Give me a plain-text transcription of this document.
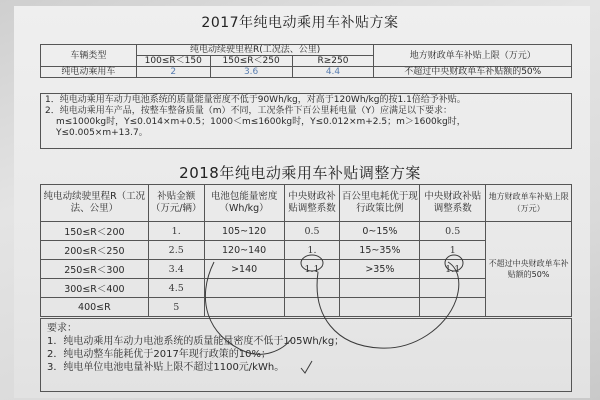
2017年纯电动乘用车补贴方案
车辆类型	纯电动续驶里程R(工况法、公里)			地方财政单车补贴上限（万元）
	100≤R＜150	150≤R＜250	R≥250	
纯电动乘用车	2	3.6	4.4	不超过中央财政单车补贴额的50%
1．纯电动乘用车动力电池系统的质量能量密度不低于90Wh/kg，对高于120Wh/kg的按1.1倍给予补贴。
2．纯电动乘用车产品，按整车整备质量（m）不同，工况条件下百公里耗电量（Y）应满足以下要求：
m≤1000kg时，Y≤0.014×m+0.5；1000＜m≤1600kg时，Y≤0.012×m+2.5；m＞1600kg时，
Y≤0.005×m+13.7。
2018年纯电动乘用车补贴调整方案
纯电动续驶里程R（工况法、公里）	补贴金额（万元/辆）	电池包能量密度（Wh/kg）	中央财政补贴调整系数	百公里电耗优于现行政策比例	中央财政补贴调整系数	地方财政单车补贴上限（万元）
150≤R＜200	1.	105~120	0.5	0~15%	0.5	不超过中央财政单车补贴额的50%
200≤R＜250	2.5	120~140	1.	15~35%	1	
250≤R＜300	3.4	>140	1.1	>35%	1.1	
300≤R＜400	4.5					
400≤R	5					
要求：
1．纯电动乘用车动力电池系统的质量能量密度不低于105Wh/kg；
2．纯电动整车能耗优于2017年现行政策的10%；
3．纯电单位电池电量补贴上限不超过1100元/kWh。
